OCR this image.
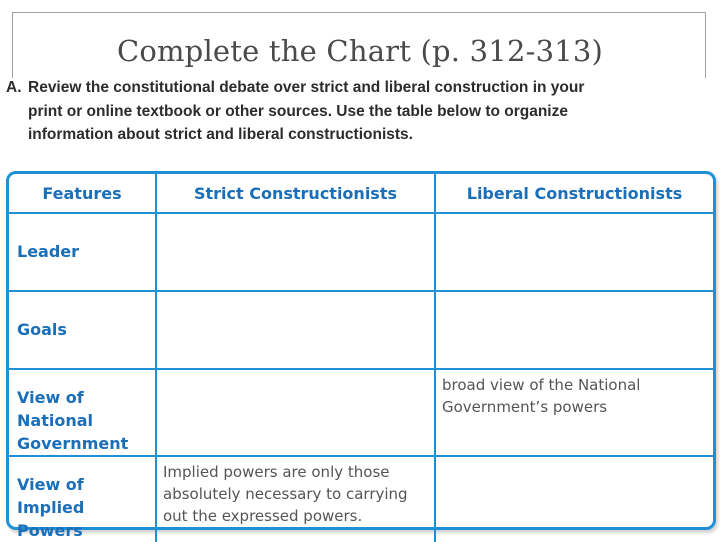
Complete the Chart (p. 312-313)
A. Review the constitutional debate over strict and liberal construction in your print or online textbook or other sources. Use the table below to organize information about strict and liberal constructionists.
Features	Strict Constructionists	Liberal Constructionists
Leader		
Goals		
View of National Government		broad view of the National Government’s powers
View of Implied Powers	Implied powers are only those absolutely necessary to carrying out the expressed powers.	
